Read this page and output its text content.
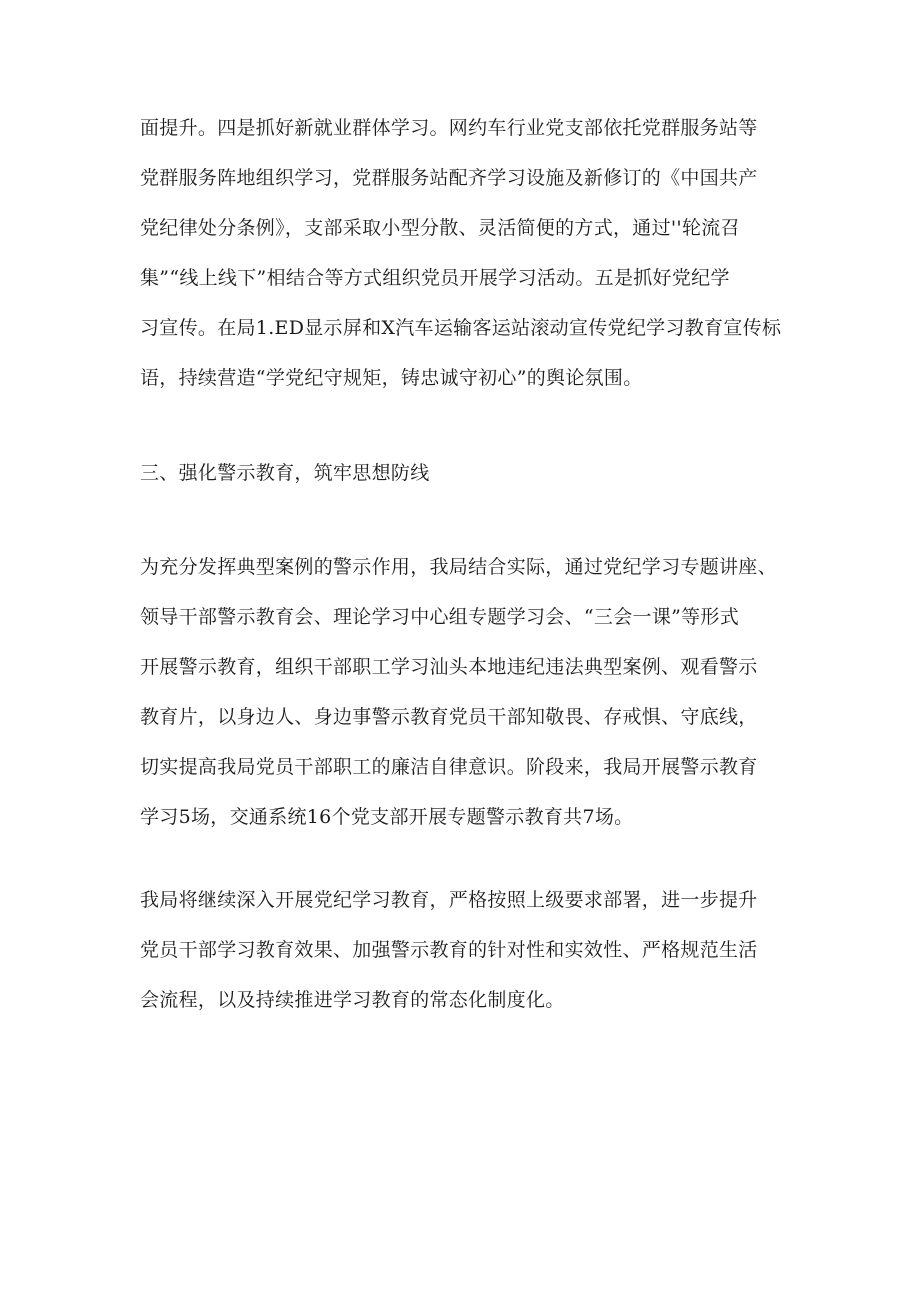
面提升。四是抓好新就业群体学习。网约车行业党支部依托党群服务站等
党群服务阵地组织学习，党群服务站配齐学习设施及新修订的《中国共产
党纪律处分条例》，支部采取小型分散、灵活简便的方式，通过''轮流召
集”“线上线下”相结合等方式组织党员开展学习活动。五是抓好党纪学
习宣传。在局1.ED显示屏和X汽车运输客运站滚动宣传党纪学习教育宣传标
语，持续营造“学党纪守规矩，铸忠诚守初心”的舆论氛围。

三、强化警示教育，筑牢思想防线

为充分发挥典型案例的警示作用，我局结合实际，通过党纪学习专题讲座、
领导干部警示教育会、理论学习中心组专题学习会、“三会一课”等形式
开展警示教育，组织干部职工学习汕头本地违纪违法典型案例、观看警示
教育片，以身边人、身边事警示教育党员干部知敬畏、存戒惧、守底线，
切实提高我局党员干部职工的廉洁自律意识。阶段来，我局开展警示教育
学习5场，交通系统16个党支部开展专题警示教育共7场。

我局将继续深入开展党纪学习教育，严格按照上级要求部署，进一步提升
党员干部学习教育效果、加强警示教育的针对性和实效性、严格规范生活
会流程，以及持续推进学习教育的常态化制度化。
